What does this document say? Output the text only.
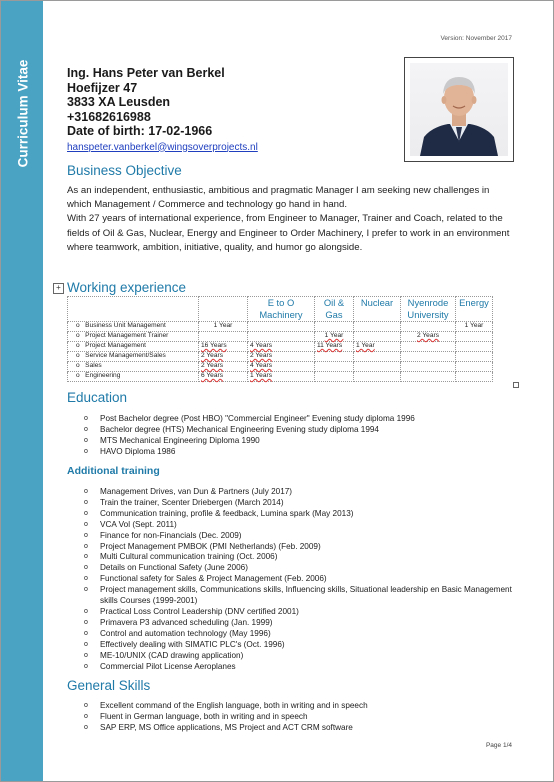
Curriculum Vitae
Version: November 2017
Ing. Hans Peter van Berkel
Hoefijzer 47
3833 XA Leusden
+31682616988
Date of birth: 17-02-1966
hanspeter.vanberkel@wingsoverprojects.nl
Business Objective
As an independent, enthusiastic, ambitious and pragmatic Manager I am seeking new challenges in which Management / Commerce and technology go hand in hand.
With 27 years of international experience, from Engineer to Manager, Trainer and Coach, related to the fields of Oil & Gas, Nuclear, Energy and Engineer to Order Machinery, I prefer to work in an environment where teamwork, ambition, initiative, quality, and humor go alongside.
+ Working experience
		E to O Machinery	Oil & Gas	Nuclear	Nyenrode University	Energy
o   Business Unit Management	1 Year					1 Year
o   Project Management Trainer			1 Year		2 Years	
o   Project Management	16 Years	4 Years	11 Years	1 Year		
o   Service Management/Sales	2 Years	2 Years				
o   Sales	2 Years	4 Years				
o   Engineering	6 Years	1 Years				
Education
o Post Bachelor degree (Post HBO) "Commercial Engineer" Evening study diploma 1996
o Bachelor degree (HTS) Mechanical Engineering Evening study diploma 1994
o MTS Mechanical Engineering Diploma 1990
o HAVO Diploma 1986
Additional training
o Management Drives, van Dun & Partners (July 2017)
o Train the trainer, Scenter Driebergen (March 2014)
o Communication training, profile & feedback, Lumina spark (May 2013)
o VCA Vol (Sept. 2011)
o Finance for non-Financials (Dec. 2009)
o Project Management PMBOK (PMI Netherlands) (Feb. 2009)
o Multi Cultural communication training (Oct. 2006)
o Details on Functional Safety (June 2006)
o Functional safety for Sales & Project Management (Feb. 2006)
o Project management skills, Communications skills, Influencing skills, Situational leadership en Basic Management skills Courses (1999-2001)
o Practical Loss Control Leadership (DNV certified 2001)
o Primavera P3 advanced scheduling (Jan. 1999)
o Control and automation technology (May 1996)
o Effectively dealing with SIMATIC PLC's (Oct. 1996)
o ME-10/UNIX (CAD drawing application)
o Commercial Pilot License Aeroplanes
General Skills
o Excellent command of the English language, both in writing and in speech
o Fluent in German language, both in writing and in speech
o SAP ERP, MS Office applications, MS Project and ACT CRM software
Page 1/4
